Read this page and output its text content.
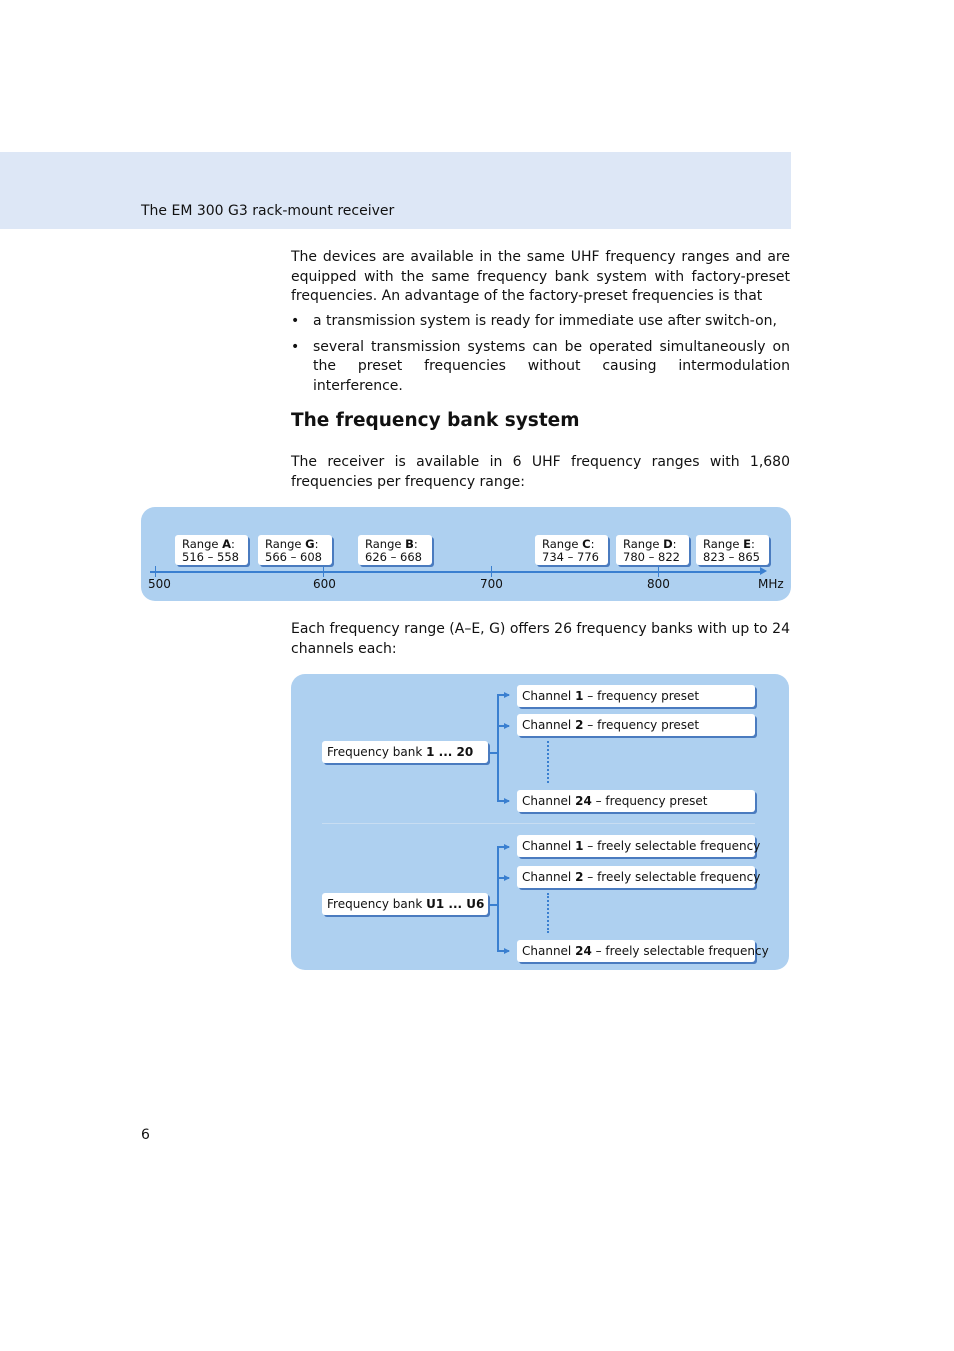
The EM 300 G3 rack-mount receiver
The devices are available in the same UHF frequency ranges and are equipped with the same frequency bank system with factory-preset frequencies. An advantage of the factory-preset frequencies is that
• a transmission system is ready for immediate use after switch-on,
• several transmission systems can be operated simultaneously on the preset frequencies without causing intermodulation interference.
The frequency bank system
The receiver is available in 6 UHF frequency ranges with 1,680 frequencies per frequency range:
Range A:
516 – 558
Range G:
566 – 608
Range B:
626 – 668
Range C:
734 – 776
Range D:
780 – 822
Range E:
823 – 865
500	600	700	800	MHz
Each frequency range (A–E, G) offers 26 frequency banks with up to 24 channels each:
Frequency bank 1 ... 20
Channel 1 – frequency preset
Channel 2 – frequency preset
Channel 24 – frequency preset
Frequency bank U1 ... U6
Channel 1 – freely selectable frequency
Channel 2 – freely selectable frequency
Channel 24 – freely selectable frequency
6
